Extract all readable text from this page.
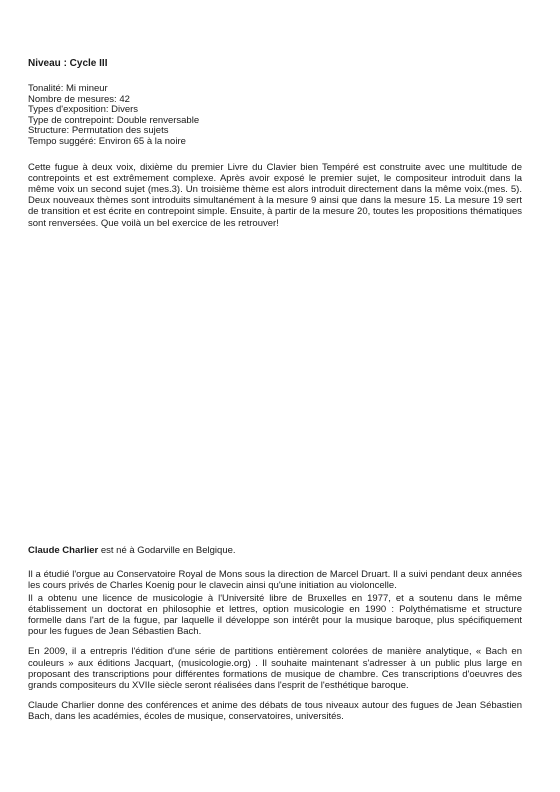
Niveau : Cycle III
Tonalité: Mi mineur
Nombre de mesures: 42
Types d'exposition: Divers
Type de contrepoint: Double renversable
Structure: Permutation des sujets
Tempo suggéré: Environ 65 à la noire

Cette fugue à deux voix, dixième du premier Livre du Clavier bien Tempéré est construite avec une multitude de contrepoints et est extrêmement complexe. Après avoir exposé le premier sujet, le compositeur introduit dans la même voix un second sujet (mes.3). Un troisième thème est alors introduit directement dans la même voix.(mes. 5). Deux nouveaux thèmes sont introduits simultanément à la mesure 9 ainsi que dans la mesure 15. La mesure 19 sert de transition et est écrite en contrepoint simple. Ensuite, à partir de la mesure 20, toutes les propositions thématiques sont renversées. Que voilà un bel exercice de les retrouver!

Claude Charlier est né à Godarville en Belgique.

Il a étudié l'orgue au Conservatoire Royal de Mons sous la direction de Marcel Druart. Il a suivi pendant deux années les cours privés de Charles Koenig pour le clavecin ainsi qu'une initiation au violoncelle.

Il a obtenu une licence de musicologie à l'Université libre de Bruxelles en 1977, et a soutenu dans le même établissement un doctorat en philosophie et lettres, option musicologie en 1990 : Polythématisme et structure formelle dans l'art de la fugue, par laquelle il développe son intérêt pour la musique baroque, plus spécifiquement pour les fugues de Jean Sébastien Bach.

En 2009, il a entrepris l'édition d'une série de partitions entièrement colorées de manière analytique, « Bach en couleurs » aux éditions Jacquart, (musicologie.org) . Il souhaite maintenant s'adresser à un public plus large en proposant des transcriptions pour différentes formations de musique de chambre. Ces transcriptions d'oeuvres des grands compositeurs du XVIIe siècle seront réalisées dans l'esprit de l'esthétique baroque.

Claude Charlier donne des conférences et anime des débats de tous niveaux autour des fugues de Jean Sébastien Bach, dans les académies, écoles de musique, conservatoires, universités.
